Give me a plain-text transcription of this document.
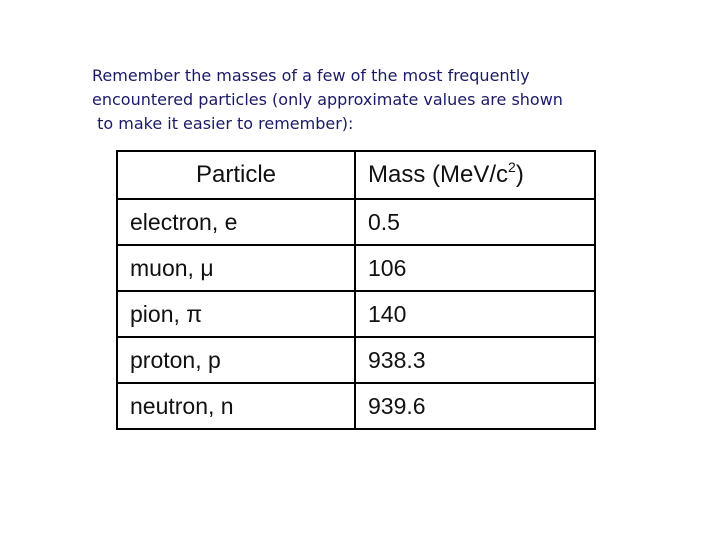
Remember the masses of a few of the most frequently
encountered particles (only approximate values are shown
to make it easier to remember):

Particle	Mass $(MeV/c^2)$
electron, e	0.5
muon, μ	106
pion, π	140
proton, p	938.3
neutron, n	939.6
